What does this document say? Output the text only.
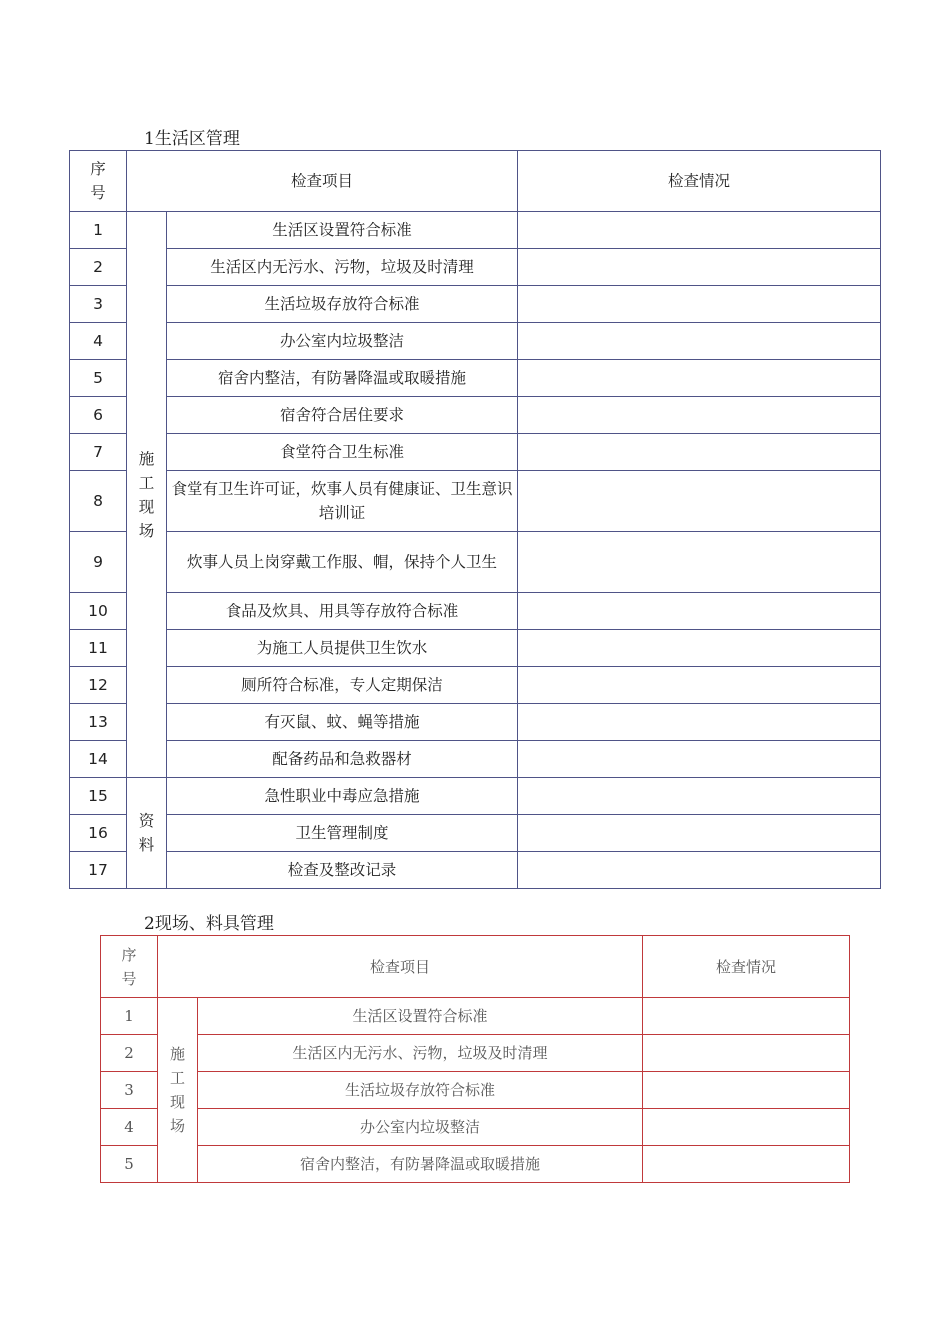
1生活区管理
序号	检查项目		检查情况
1	施工现场	生活区设置符合标准	
2		生活区内无污水、污物，垃圾及时清理	
3		生活垃圾存放符合标准	
4		办公室内垃圾整洁	
5		宿舍内整洁，有防暑降温或取暖措施	
6		宿舍符合居住要求	
7		食堂符合卫生标准	
8		食堂有卫生许可证，炊事人员有健康证、卫生意识培训证	
9		炊事人员上岗穿戴工作服、帽，保持个人卫生	
10		食品及炊具、用具等存放符合标准	
11		为施工人员提供卫生饮水	
12		厕所符合标准，专人定期保洁	
13		有灭鼠、蚊、蝇等措施	
14		配备药品和急救器材	
15	资料	急性职业中毒应急措施	
16		卫生管理制度	
17		检查及整改记录	
2现场、料具管理
序号	检查项目		检查情况
1	施工现场	生活区设置符合标准	
2		生活区内无污水、污物，垃圾及时清理	
3		生活垃圾存放符合标准	
4		办公室内垃圾整洁	
5		宿舍内整洁，有防暑降温或取暖措施	
